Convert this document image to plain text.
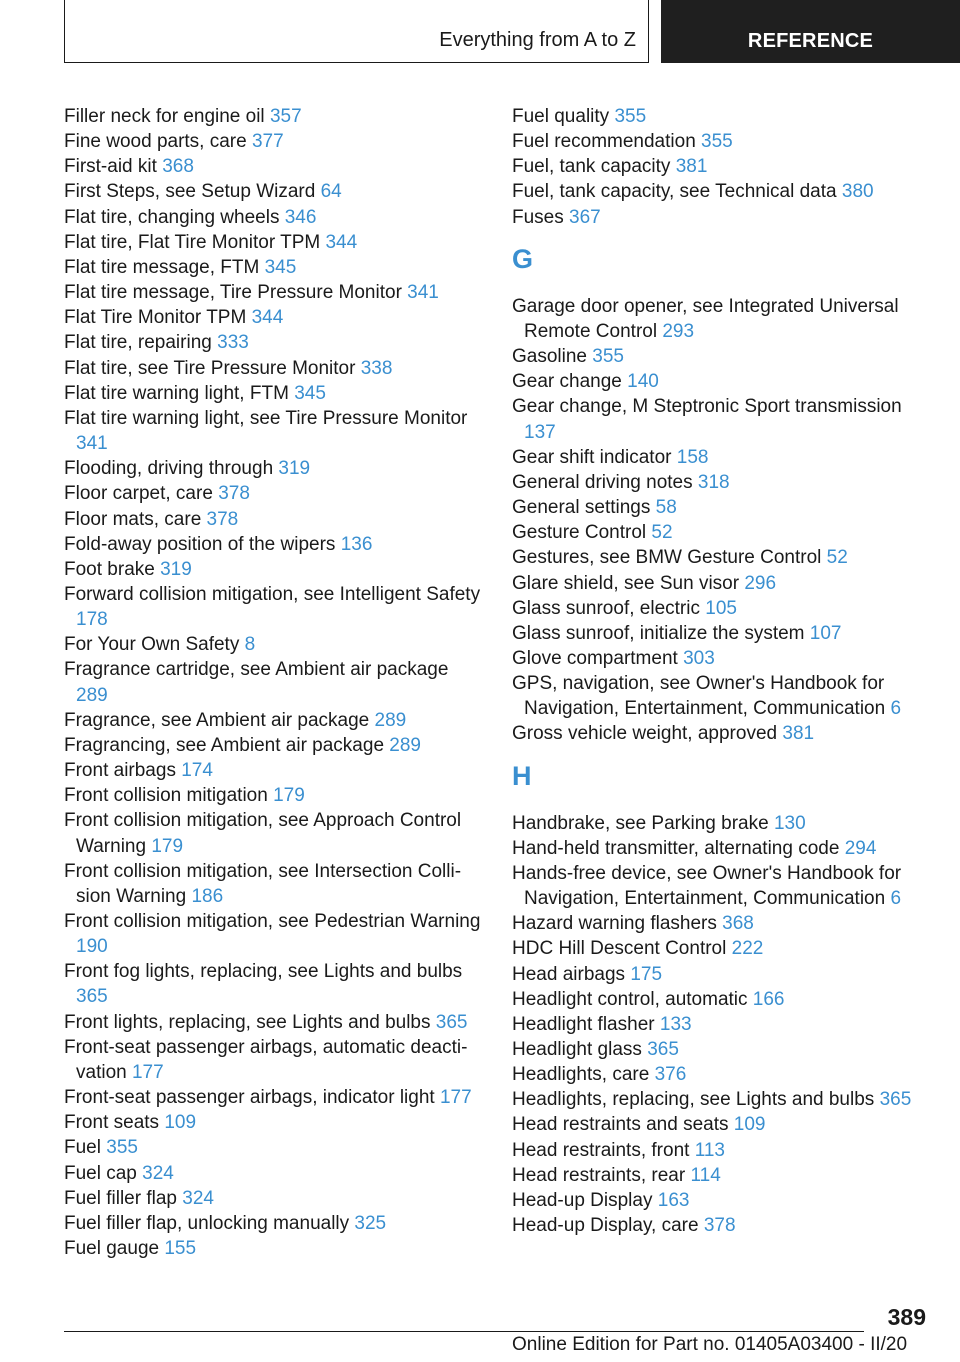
Everything from A to Z	REFERENCE

Filler neck for engine oil 357

Fine wood parts, care 377

First-aid kit 368

First Steps, see Setup Wizard 64

Flat tire, changing wheels 346

Flat tire, Flat Tire Monitor TPM 344

Flat tire message, FTM 345

Flat tire message, Tire Pressure Monitor 341

Flat Tire Monitor TPM 344

Flat tire, repairing 333

Flat tire, see Tire Pressure Monitor 338

Flat tire warning light, FTM 345

Flat tire warning light, see Tire Pressure Monitor 341

Flooding, driving through 319

Floor carpet, care 378

Floor mats, care 378

Fold-away position of the wipers 136

Foot brake 319

Forward collision mitigation, see Intelligent Safety 178

For Your Own Safety 8

Fragrance cartridge, see Ambient air package 289

Fragrance, see Ambient air package 289

Fragrancing, see Ambient air package 289

Front airbags 174

Front collision mitigation 179

Front collision mitigation, see Approach Control Warning 179

Front collision mitigation, see Intersection Collision Warning 186

Front collision mitigation, see Pedestrian Warning 190

Front fog lights, replacing, see Lights and bulbs 365

Front lights, replacing, see Lights and bulbs 365

Front-seat passenger airbags, automatic deactivation 177

Front-seat passenger airbags, indicator light 177

Front seats 109

Fuel 355

Fuel cap 324

Fuel filler flap 324

Fuel filler flap, unlocking manually 325

Fuel gauge 155

Fuel quality 355

Fuel recommendation 355

Fuel, tank capacity 381

Fuel, tank capacity, see Technical data 380

Fuses 367

G

Garage door opener, see Integrated Universal Remote Control 293

Gasoline 355

Gear change 140

Gear change, M Steptronic Sport transmission 137

Gear shift indicator 158

General driving notes 318

General settings 58

Gesture Control 52

Gestures, see BMW Gesture Control 52

Glare shield, see Sun visor 296

Glass sunroof, electric 105

Glass sunroof, initialize the system 107

Glove compartment 303

GPS, navigation, see Owner's Handbook for Navigation, Entertainment, Communication 6

Gross vehicle weight, approved 381

H

Handbrake, see Parking brake 130

Hand-held transmitter, alternating code 294

Hands-free device, see Owner's Handbook for Navigation, Entertainment, Communication 6

Hazard warning flashers 368

HDC Hill Descent Control 222

Head airbags 175

Headlight control, automatic 166

Headlight flasher 133

Headlight glass 365

Headlights, care 376

Headlights, replacing, see Lights and bulbs 365

Head restraints and seats 109

Head restraints, front 113

Head restraints, rear 114

Head-up Display 163

Head-up Display, care 378

389
Online Edition for Part no. 01405A03400 - II/20
